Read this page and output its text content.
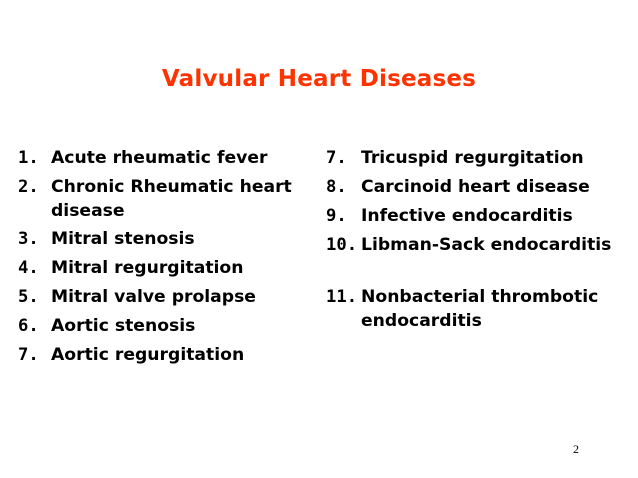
Valvular Heart Diseases
1. Acute rheumatic fever
2. Chronic Rheumatic heart disease
3. Mitral stenosis
4. Mitral regurgitation
5. Mitral valve prolapse
6. Aortic stenosis
7. Aortic regurgitation
7. Tricuspid regurgitation
8. Carcinoid heart disease
9. Infective endocarditis
10. Libman-Sack endocarditis
11. Nonbacterial thrombotic endocarditis
2
